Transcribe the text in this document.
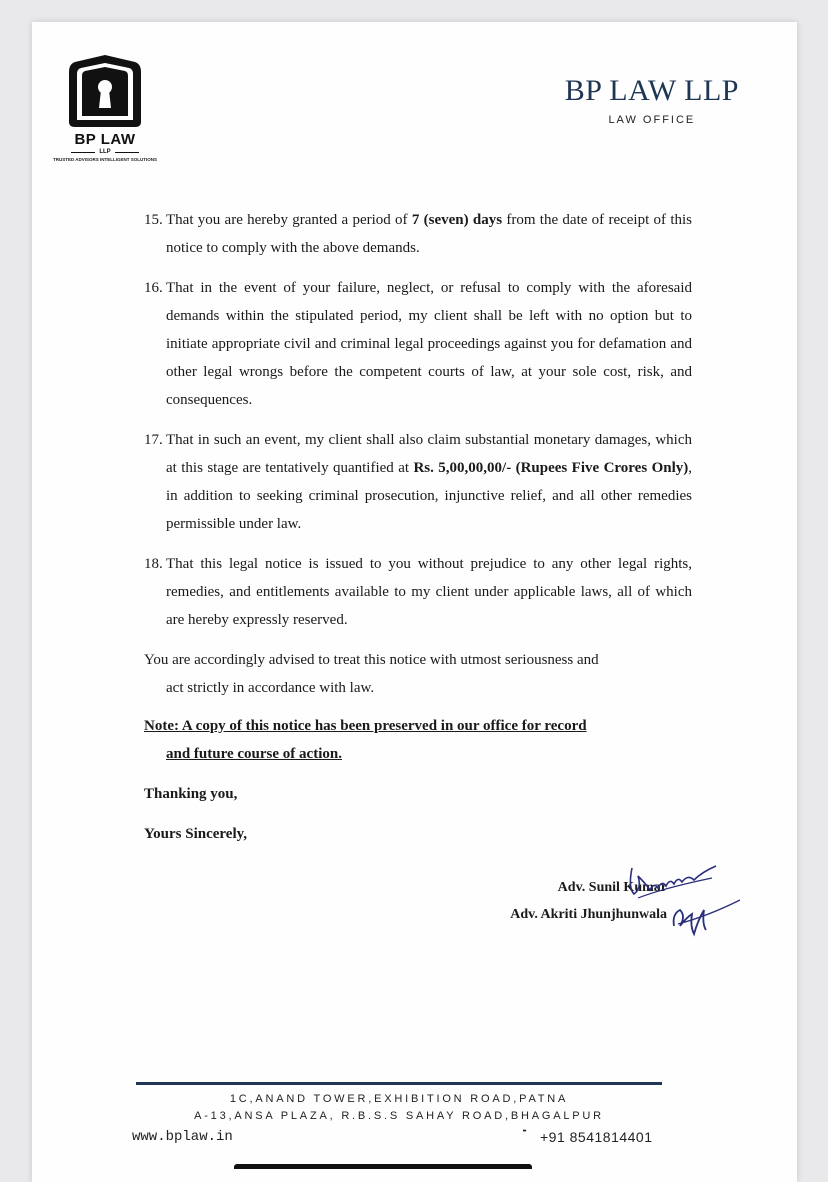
BP LAW
LLP
TRUSTED ADVISORS INTELLIGENT SOLUTIONS
BP LAW LLP
LAW OFFICE

15. That you are hereby granted a period of 7 (seven) days from the date of receipt of this notice to comply with the above demands.

16. That in the event of your failure, neglect, or refusal to comply with the aforesaid demands within the stipulated period, my client shall be left with no option but to initiate appropriate civil and criminal legal proceedings against you for defamation and other legal wrongs before the competent courts of law, at your sole cost, risk, and consequences.

17. That in such an event, my client shall also claim substantial monetary damages, which at this stage are tentatively quantified at Rs. 5,00,00,00/- (Rupees Five Crores Only), in addition to seeking criminal prosecution, injunctive relief, and all other remedies permissible under law.

18. That this legal notice is issued to you without prejudice to any other legal rights, remedies, and entitlements available to my client under applicable laws, all of which are hereby expressly reserved.

You are accordingly advised to treat this notice with utmost seriousness and
act strictly in accordance with law.

Note: A copy of this notice has been preserved in our office for record
and future course of action.

Thanking you,

Yours Sincerely,

Adv. Sunil Kumar
Adv. Akriti Jhunjhunwala
1C,ANAND TOWER,EXHIBITION ROAD,PATNA
A-13,ANSA PLAZA, R.B.S.S SAHAY ROAD,BHAGALPUR
www.bplaw.in	╺ +91 8541814401
